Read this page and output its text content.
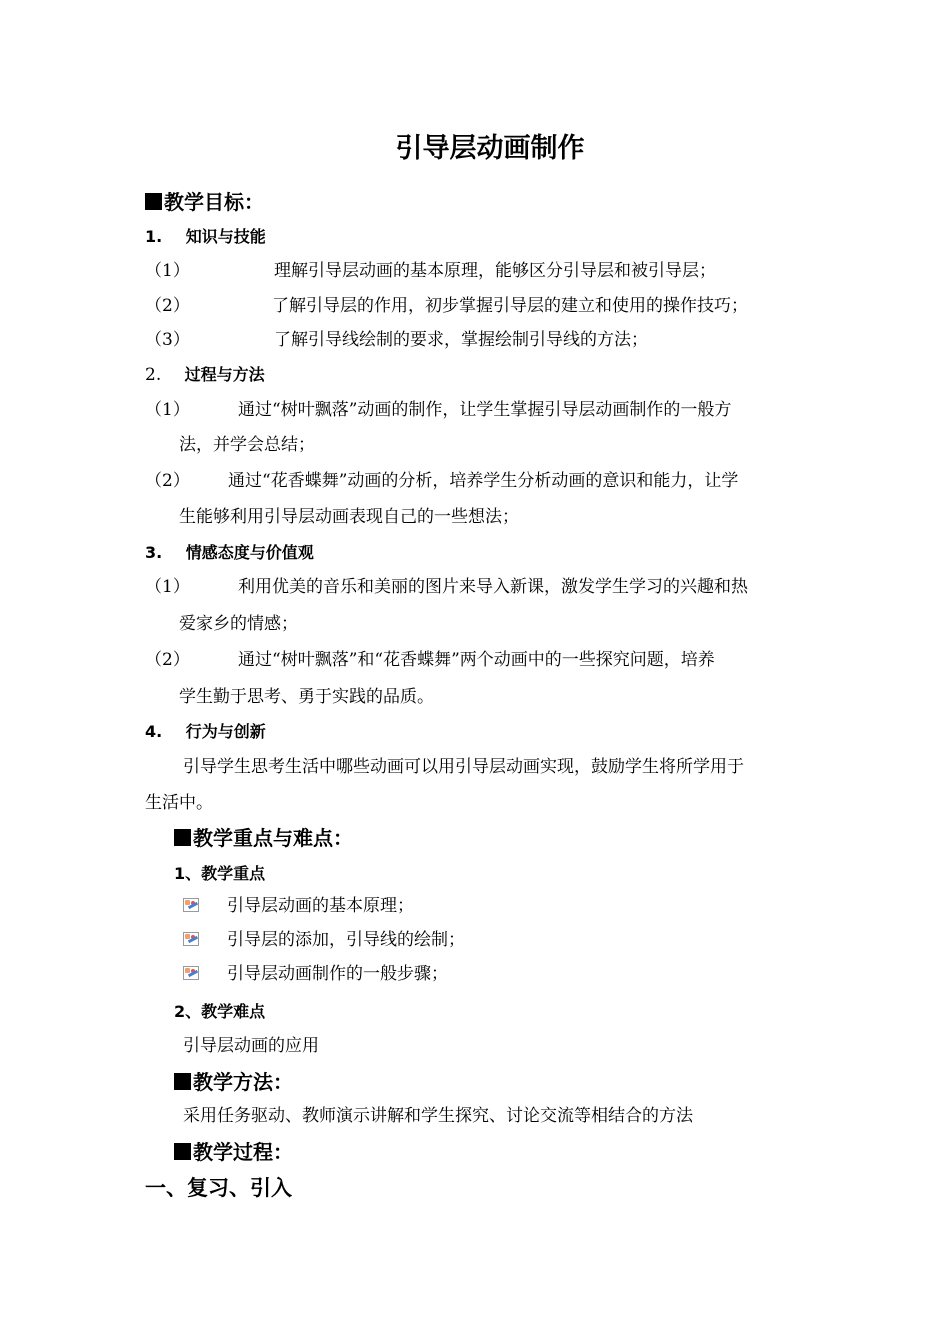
引导层动画制作
教学目标：
1. 知识与技能
（1）	理解引导层动画的基本原理，能够区分引导层和被引导层；
（2）	了解引导层的作用，初步掌握引导层的建立和使用的操作技巧；
（3）	了解引导线绘制的要求，掌握绘制引导线的方法；
2. 过程与方法
（1）	通过“树叶飘落”动画的制作，让学生掌握引导层动画制作的一般方
法，并学会总结；
（2） 通过“花香蝶舞”动画的分析，培养学生分析动画的意识和能力，让学
生能够利用引导层动画表现自己的一些想法；
3. 情感态度与价值观
（1）	利用优美的音乐和美丽的图片来导入新课，激发学生学习的兴趣和热
爱家乡的情感；
（2）	通过“树叶飘落”和“花香蝶舞”两个动画中的一些探究问题，培养
学生勤于思考、勇于实践的品质。
4. 行为与创新
引导学生思考生活中哪些动画可以用引导层动画实现，鼓励学生将所学用于
生活中。
教学重点与难点：
1、教学重点
引导层动画的基本原理；
引导层的添加，引导线的绘制；
引导层动画制作的一般步骤；
2、教学难点
引导层动画的应用
教学方法：
采用任务驱动、教师演示讲解和学生探究、讨论交流等相结合的方法
教学过程：
一、复习、引入
